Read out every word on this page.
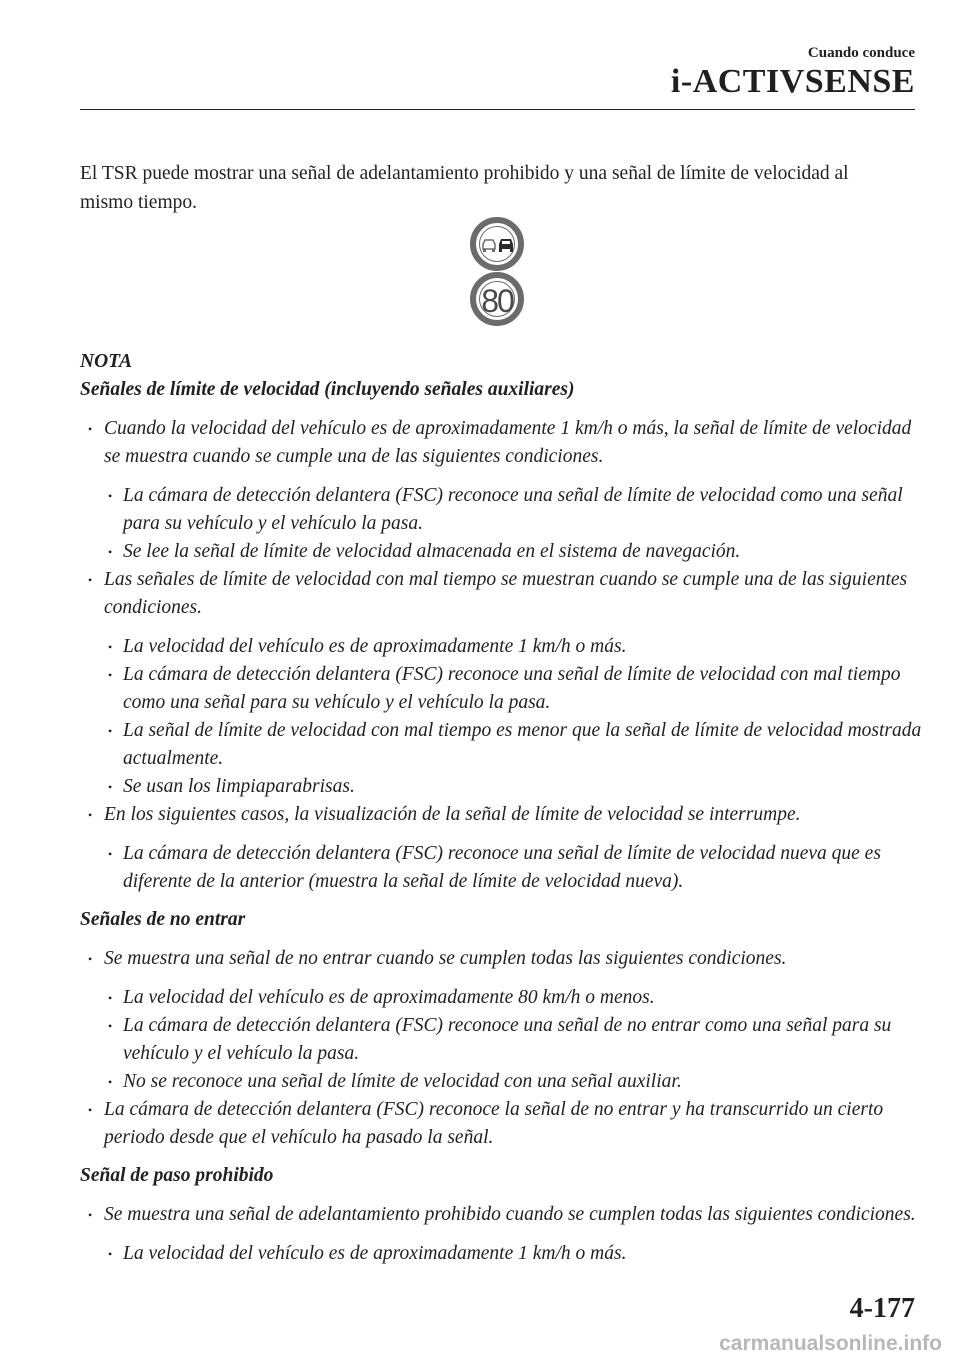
Cuando conduce
i-ACTIVSENSE

El TSR puede mostrar una señal de adelantamiento prohibido y una señal de límite de velocidad al mismo tiempo.

80

NOTA

Señales de límite de velocidad (incluyendo señales auxiliares)

• Cuando la velocidad del vehículo es de aproximadamente 1 km/h o más, la señal de límite de velocidad se muestra cuando se cumple una de las siguientes condiciones.
• La cámara de detección delantera (FSC) reconoce una señal de límite de velocidad como una señal para su vehículo y el vehículo la pasa.
• Se lee la señal de límite de velocidad almacenada en el sistema de navegación.
• Las señales de límite de velocidad con mal tiempo se muestran cuando se cumple una de las siguientes condiciones.
• La velocidad del vehículo es de aproximadamente 1 km/h o más.
• La cámara de detección delantera (FSC) reconoce una señal de límite de velocidad con mal tiempo como una señal para su vehículo y el vehículo la pasa.
• La señal de límite de velocidad con mal tiempo es menor que la señal de límite de velocidad mostrada actualmente.
• Se usan los limpiaparabrisas.
• En los siguientes casos, la visualización de la señal de límite de velocidad se interrumpe.
• La cámara de detección delantera (FSC) reconoce una señal de límite de velocidad nueva que es diferente de la anterior (muestra la señal de límite de velocidad nueva).

Señales de no entrar

• Se muestra una señal de no entrar cuando se cumplen todas las siguientes condiciones.
• La velocidad del vehículo es de aproximadamente 80 km/h o menos.
• La cámara de detección delantera (FSC) reconoce una señal de no entrar como una señal para su vehículo y el vehículo la pasa.
• No se reconoce una señal de límite de velocidad con una señal auxiliar.
• La cámara de detección delantera (FSC) reconoce la señal de no entrar y ha transcurrido un cierto periodo desde que el vehículo ha pasado la señal.

Señal de paso prohibido

• Se muestra una señal de adelantamiento prohibido cuando se cumplen todas las siguientes condiciones.
• La velocidad del vehículo es de aproximadamente 1 km/h o más.
4-177
carmanualsonline.info
